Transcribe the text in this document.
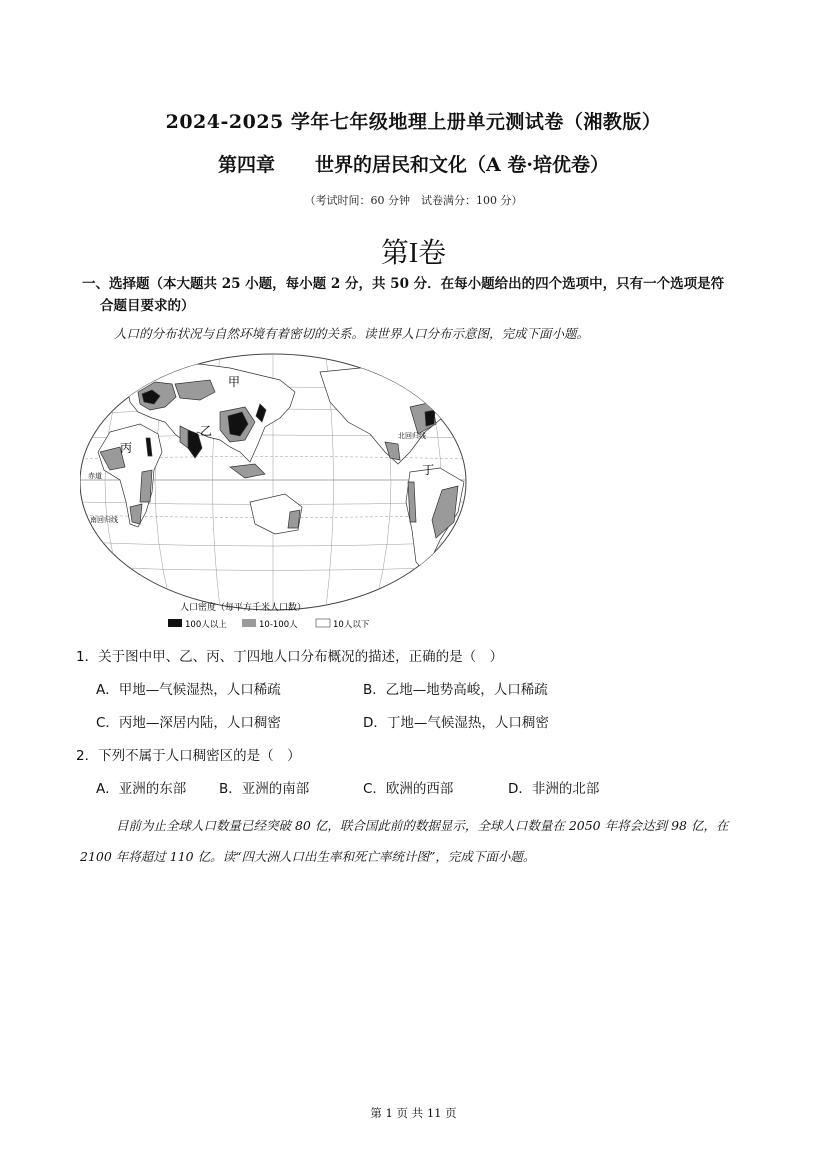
2024-2025 学年七年级地理上册单元测试卷（湘教版）
第四章 世界的居民和文化（A 卷·培优卷）
（考试时间：60 分钟　试卷满分：100 分）
第I卷
一、选择题（本大题共 25 小题，每小题 2 分，共 50 分．在每小题给出的四个选项中，只有一个选项是符
合题目要求的）
人口的分布状况与自然环境有着密切的关系。读世界人口分布示意图，完成下面小题。
甲
乙
丙
丁
赤道
北回归线
南回归线
人口密度（每平方千米人口数）
100人以上	10-100人	10人以下
1．关于图中甲、乙、丙、丁四地人口分布概况的描述，正确的是（　）
A．甲地—气候湿热，人口稀疏	B．乙地—地势高峻，人口稀疏
C．丙地—深居内陆，人口稠密	D．丁地—气候湿热，人口稠密
2．下列不属于人口稠密区的是（　）
A．亚洲的东部 B．亚洲的南部	C．欧洲的西部	D．非洲的北部
目前为止全球人口数量已经突破 80 亿，联合国此前的数据显示，全球人口数量在 2050 年将会达到 98 亿，在 2100 年将超过 110 亿。读“四大洲人口出生率和死亡率统计图”，完成下面小题。
第 1 页 共 11 页
